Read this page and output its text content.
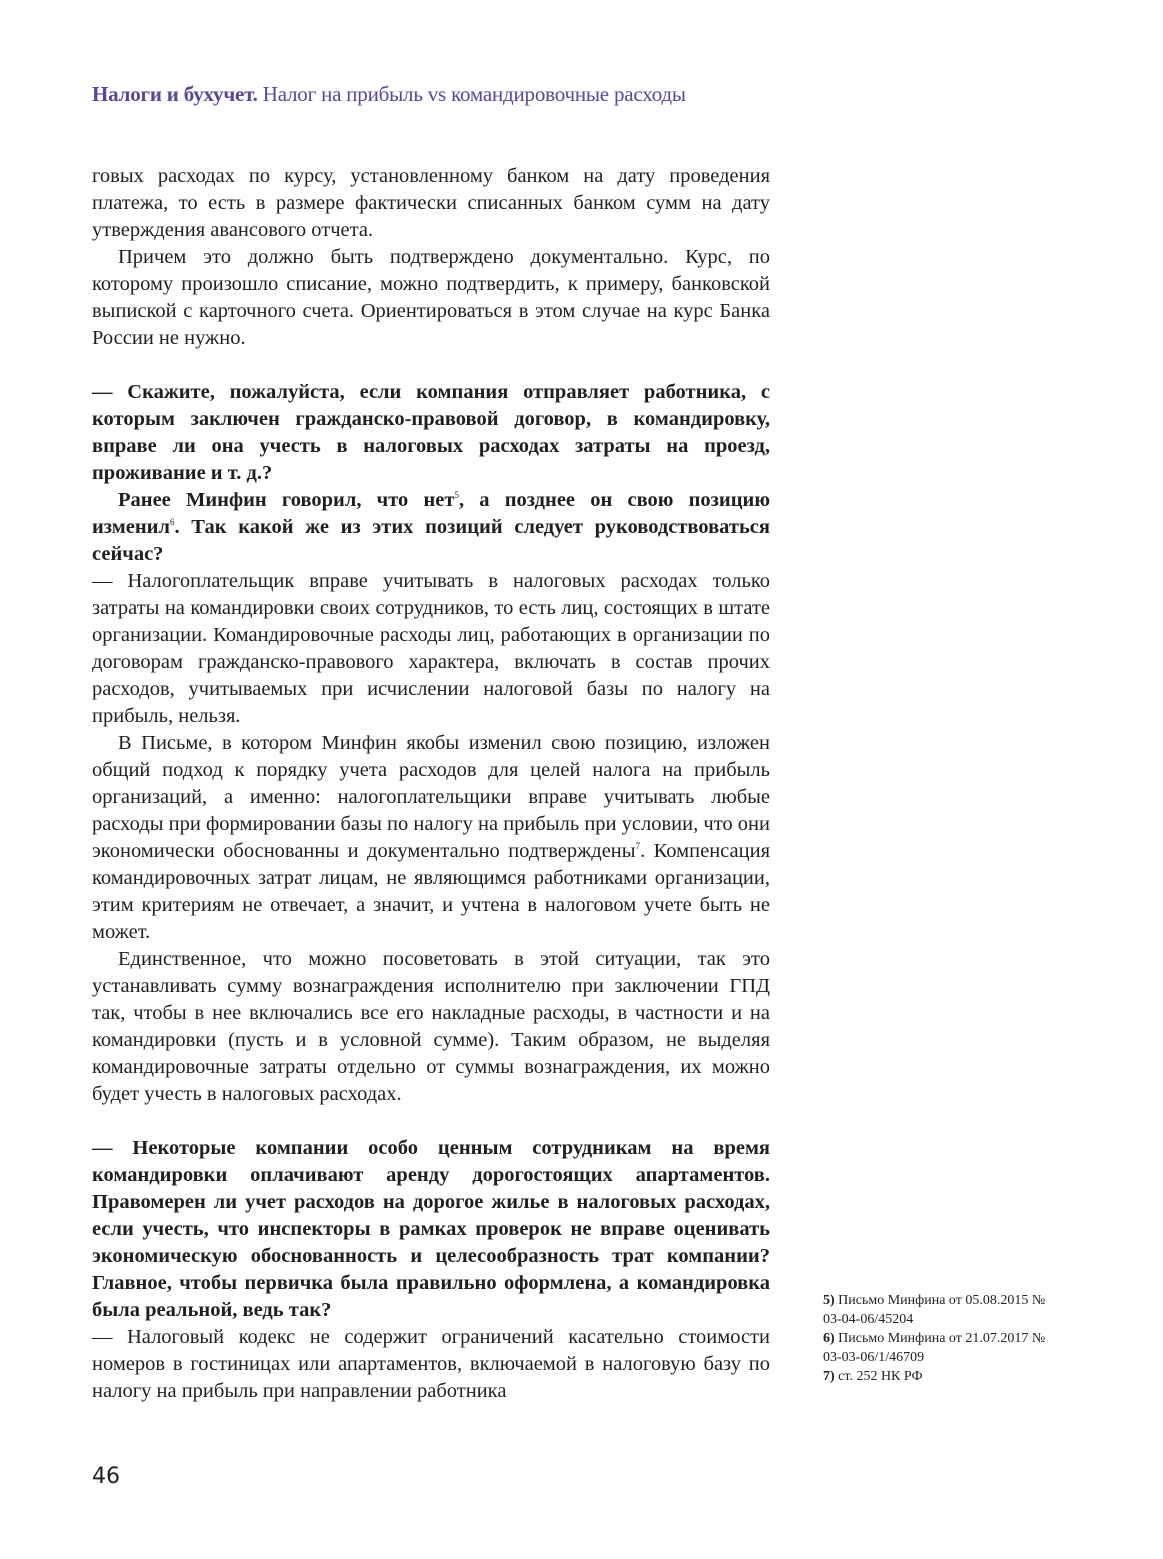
Налоги и бухучет. Налог на прибыль vs командировочные расходы

говых расходах по курсу, установленному банком на дату проведения платежа, то есть в размере фактически списанных банком сумм на дату утверждения авансового отчета.

Причем это должно быть подтверждено документально. Курс, по которому произошло списание, можно подтвердить, к примеру, банковской выпиской с карточного счета. Ориентироваться в этом случае на курс Банка России не нужно.

— Скажите, пожалуйста, если компания отправляет работника, с которым заключен гражданско-правовой договор, в командировку, вправе ли она учесть в налоговых расходах затраты на проезд, проживание и т. д.?

Ранее Минфин говорил, что нет$^5$, а позднее он свою позицию изменил$^6$. Так какой же из этих позиций следует руководствоваться сейчас?

— Налогоплательщик вправе учитывать в налоговых расходах только затраты на командировки своих сотрудников, то есть лиц, состоящих в штате организации. Командировочные расходы лиц, работающих в организации по договорам гражданско-правового характера, включать в состав прочих расходов, учитываемых при исчислении налоговой базы по налогу на прибыль, нельзя.

В Письме, в котором Минфин якобы изменил свою позицию, изложен общий подход к порядку учета расходов для целей налога на прибыль организаций, а именно: налогоплательщики вправе учитывать любые расходы при формировании базы по налогу на прибыль при условии, что они экономически обоснованны и документально подтверждены$^7$. Компенсация командировочных затрат лицам, не являющимся работниками организации, этим критериям не отвечает, а значит, и учтена в налоговом учете быть не может.

Единственное, что можно посоветовать в этой ситуации, так это устанавливать сумму вознаграждения исполнителю при заключении ГПД так, чтобы в нее включались все его накладные расходы, в частности и на командировки (пусть и в условной сумме). Таким образом, не выделяя командировочные затраты отдельно от суммы вознаграждения, их можно будет учесть в налоговых расходах.

— Некоторые компании особо ценным сотрудникам на время командировки оплачивают аренду дорогостоящих апартаментов. Правомерен ли учет расходов на дорогое жилье в налоговых расходах, если учесть, что инспекторы в рамках проверок не вправе оценивать экономическую обоснованность и целесообразность трат компании? Главное, чтобы первичка была правильно оформлена, а командировка была реальной, ведь так?

— Налоговый кодекс не содержит ограничений касательно стоимости номеров в гостиницах или апартаментов, включаемой в налоговую базу по налогу на прибыль при направлении работника

5) Письмо Минфина от 05.08.2015 № 03-04-06/45204
6) Письмо Минфина от 21.07.2017 № 03-03-06/1/46709
7) ст. 252 НК РФ
46
